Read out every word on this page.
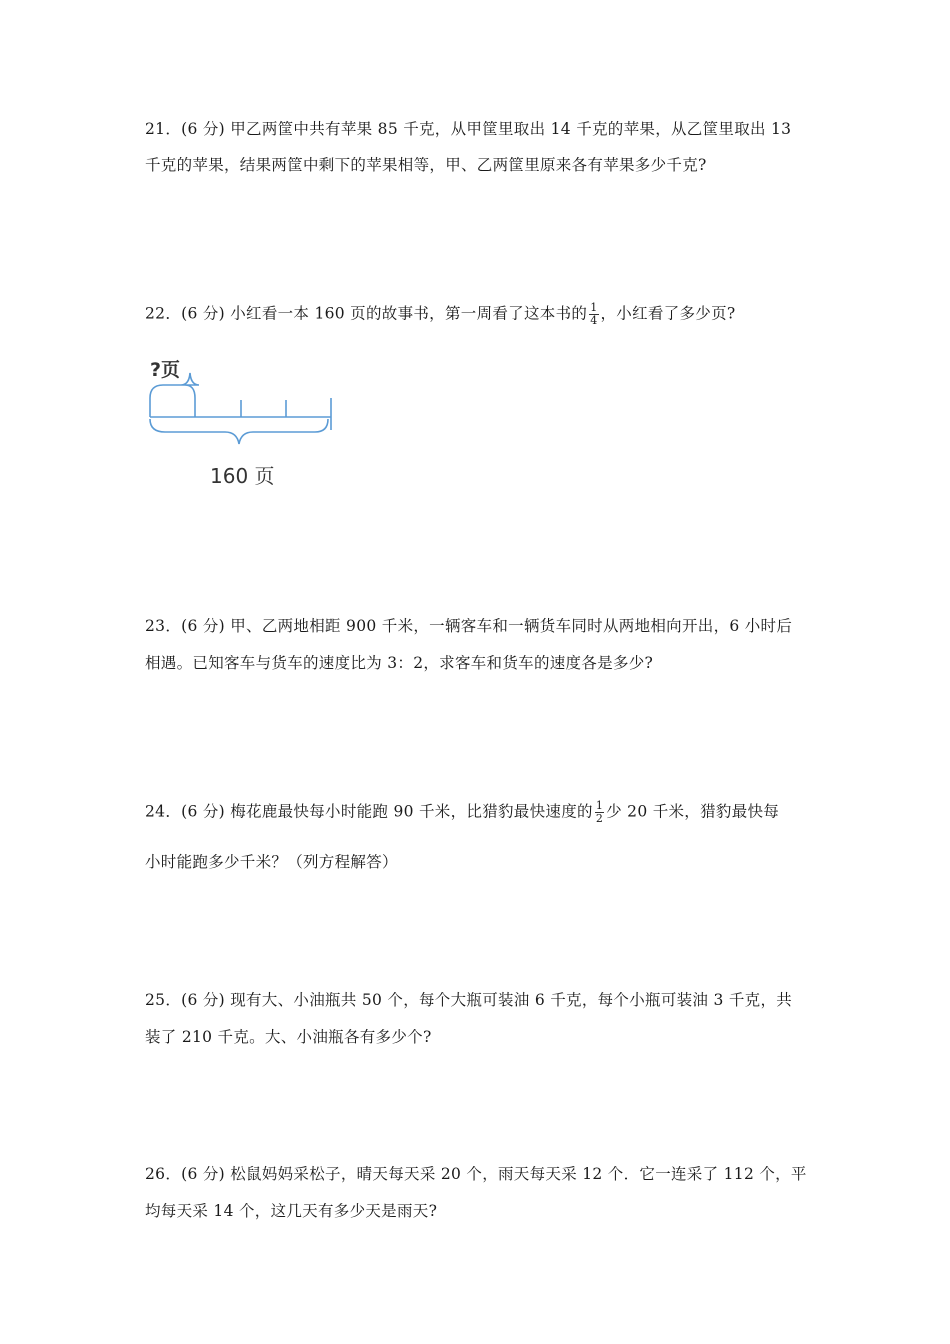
21．(6 分) 甲乙两筐中共有苹果 85 千克，从甲筐里取出 14 千克的苹果，从乙筐里取出 13
千克的苹果，结果两筐中剩下的苹果相等，甲、乙两筐里原来各有苹果多少千克?
22．(6 分) 小红看一本 160 页的故事书，第一周看了这本书的 $\frac{1}{4}$ ，小红看了多少页?
?页
160 页
23．(6 分) 甲、乙两地相距 900 千米，一辆客车和一辆货车同时从两地相向开出，6 小时后
相遇。已知客车与货车的速度比为 3：2，求客车和货车的速度各是多少?
24．(6 分) 梅花鹿最快每小时能跑 90 千米，比猎豹最快速度的 $\frac{1}{2}$ 少 20 千米，猎豹最快每
小时能跑多少千米？（列方程解答）
25．(6 分) 现有大、小油瓶共 50 个，每个大瓶可装油 6 千克，每个小瓶可装油 3 千克，共
装了 210 千克。大、小油瓶各有多少个?
26．(6 分) 松鼠妈妈采松子，晴天每天采 20 个，雨天每天采 12 个．它一连采了 112 个，平
均每天采 14 个，这几天有多少天是雨天?
